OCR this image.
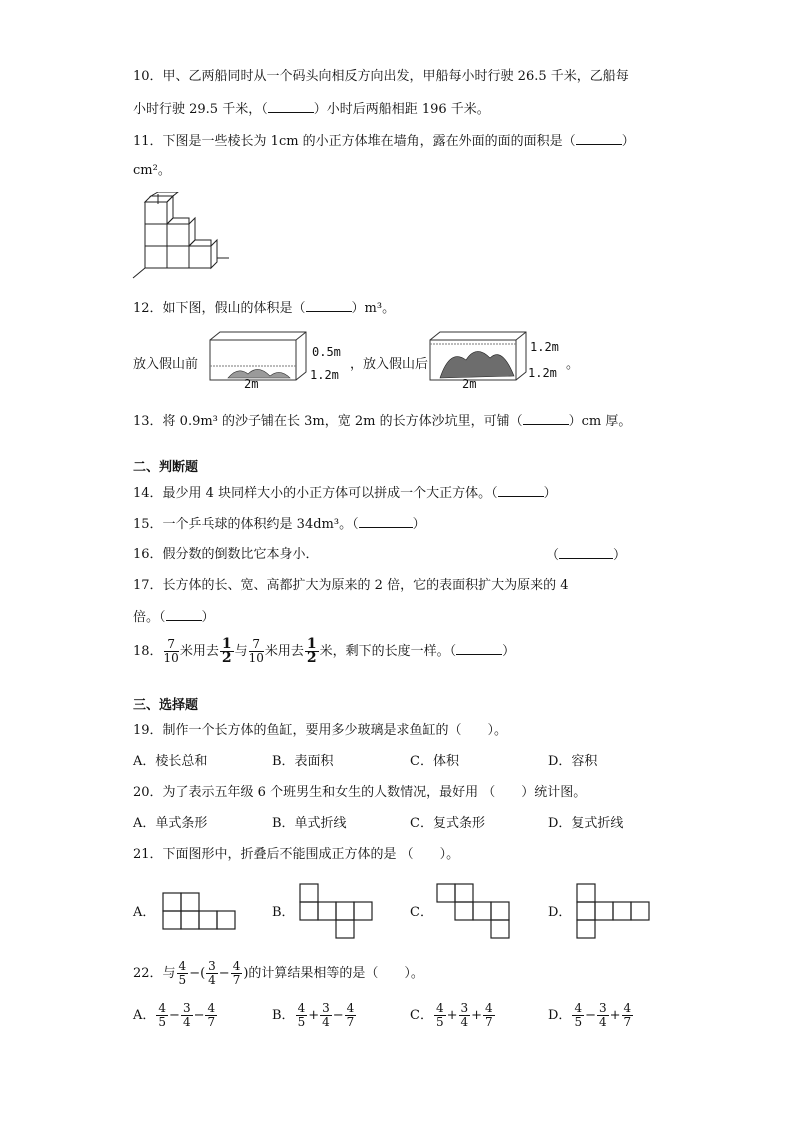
10．甲、乙两船同时从一个码头向相反方向出发，甲船每小时行驶 26.5 千米，乙船每
小时行驶 29.5 千米，（	）小时后两船相距 196 千米。
11．下图是一些棱长为 1cm 的小正方体堆在墙角，露在外面的面的面积是（	）
cm²。
12．如下图，假山的体积是（	）m³。
放入假山前
0.5m
1.2m
2m
，放入假山后
1.2m
1.2m
。
2m
13．将 0.9m³ 的沙子铺在长 3m，宽 2m 的长方体沙坑里，可铺（	）cm 厚。
二、判断题
14．最少用 4 块同样大小的小正方体可以拼成一个大正方体。（	）
15．一个乒乓球的体积约是 34dm³。（	）
16．假分数的倒数比它本身小．	（	）
17．长方体的长、宽、高都扩大为原来的 2 倍，它的表面积扩大为原来的 4
倍。（	）
18． $\frac{7}{10}$ 米用去 $\frac{1}{2}$ 与 $\frac{7}{10}$ 米用去 $\frac{1}{2}$ 米，剩下的长度一样。（	）
三、选择题
19．制作一个长方体的鱼缸，要用多少玻璃是求鱼缸的（　　）。
A．棱长总和	B．表面积	C．体积	D．容积
20．为了表示五年级 6 个班男生和女生的人数情况，最好用 （　　）统计图。
A．单式条形	B．单式折线	C．复式条形	D．复式折线
21．下面图形中，折叠后不能围成正方体的是 （　　）。
A．	B．	C．	D．
22．与 $\frac{4}{5}$ −( $\frac{3}{4} - \frac{4}{7}$ )的计算结果相等的是（　　）。
A． $\frac{4}{5} - \frac{3}{4} - \frac{4}{7}$	B． $\frac{4}{5} + \frac{3}{4} - \frac{4}{7}$	C． $\frac{4}{5} + \frac{3}{4} + \frac{4}{7}$	D． $\frac{4}{5} - \frac{3}{4} + \frac{4}{7}$
